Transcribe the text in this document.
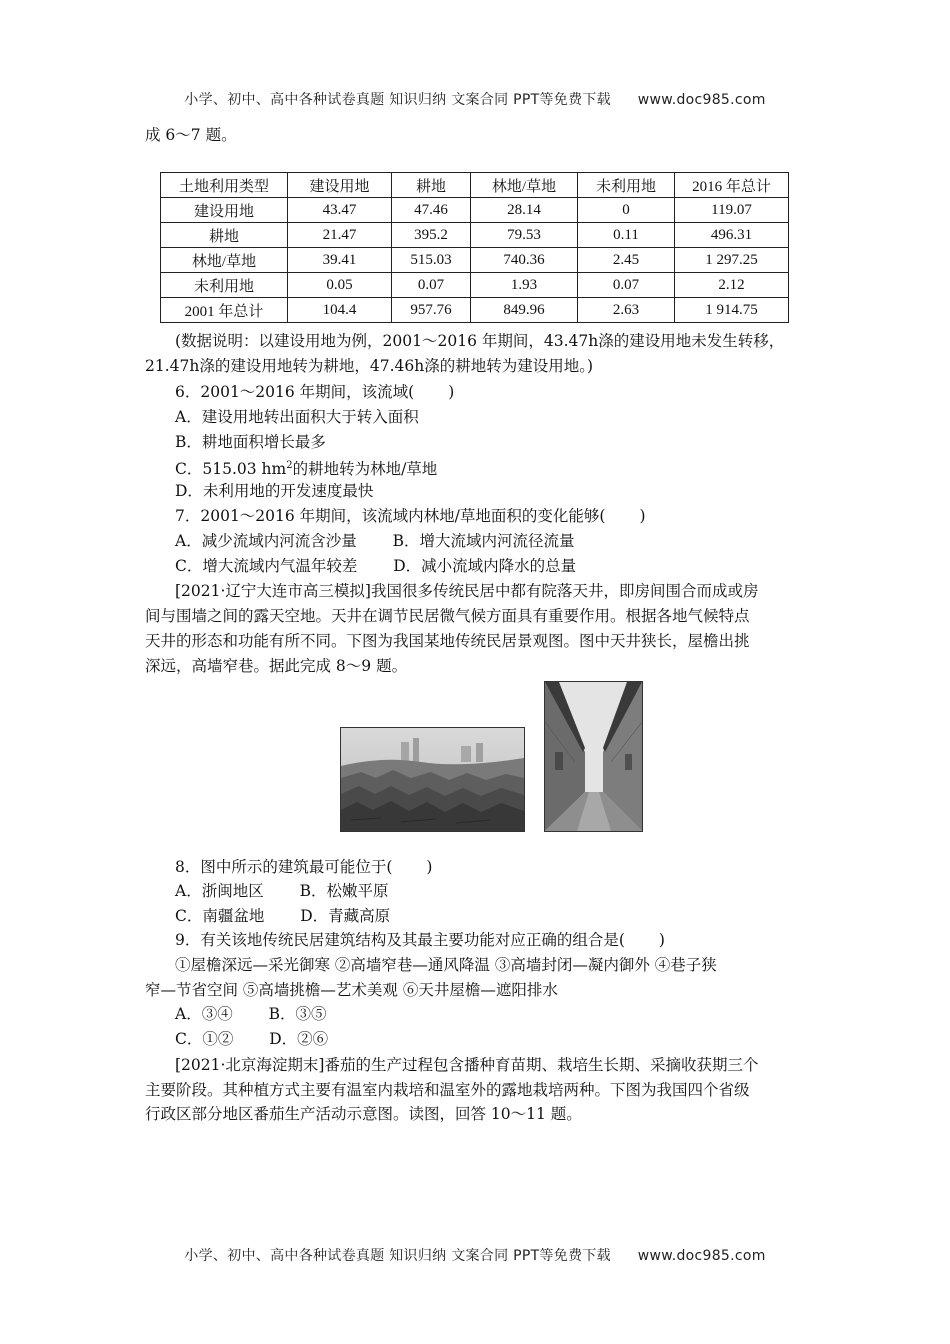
小学、初中、高中各种试卷真题 知识归纳 文案合同 PPT等免费下载 www.doc985.com
成 6～7 题。
土地利用类型	建设用地	耕地	林地/草地	未利用地	2016 年总计
建设用地	43.47	47.46	28.14	0	119.07
耕地	21.47	395.2	79.53	0.11	496.31
林地/草地	39.41	515.03	740.36	2.45	1 297.25
未利用地	0.05	0.07	1.93	0.07	2.12
2001 年总计	104.4	957.76	849.96	2.63	1 914.75
(数据说明：以建设用地为例，2001～2016 年期间，43.47h涤的建设用地未发生转移，
21.47h涤的建设用地转为耕地，47.46h涤的耕地转为建设用地。)
6．2001～2016 年期间，该流域( )
A．建设用地转出面积大于转入面积
B．耕地面积增长最多
C．515.03 $hm^2$的耕地转为林地/草地
D．未利用地的开发速度最快
7．2001～2016 年期间，该流域内林地/草地面积的变化能够( )
A．减少流域内河流含沙量 B．增大流域内河流径流量
C．增大流域内气温年较差 D．减小流域内降水的总量
[2021·辽宁大连市高三模拟]我国很多传统民居中都有院落天井，即房间围合而成或房
间与围墙之间的露天空地。天井在调节民居微气候方面具有重要作用。根据各地气候特点
天井的形态和功能有所不同。下图为我国某地传统民居景观图。图中天井狭长，屋檐出挑
深远，高墙窄巷。据此完成 8～9 题。
8．图中所示的建筑最可能位于( )
A．浙闽地区 B．松嫩平原
C．南疆盆地 D．青藏高原
9．有关该地传统民居建筑结构及其最主要功能对应正确的组合是( )
①屋檐深远—采光御寒 ②高墙窄巷—通风降温 ③高墙封闭—凝内御外 ④巷子狭
窄—节省空间 ⑤高墙挑檐—艺术美观 ⑥天井屋檐—遮阳排水
A．③④ B．③⑤
C．①② D．②⑥
[2021·北京海淀期末]番茄的生产过程包含播种育苗期、栽培生长期、采摘收获期三个
主要阶段。其种植方式主要有温室内栽培和温室外的露地栽培两种。下图为我国四个省级
行政区部分地区番茄生产活动示意图。读图，回答 10～11 题。
小学、初中、高中各种试卷真题 知识归纳 文案合同 PPT等免费下载 www.doc985.com
